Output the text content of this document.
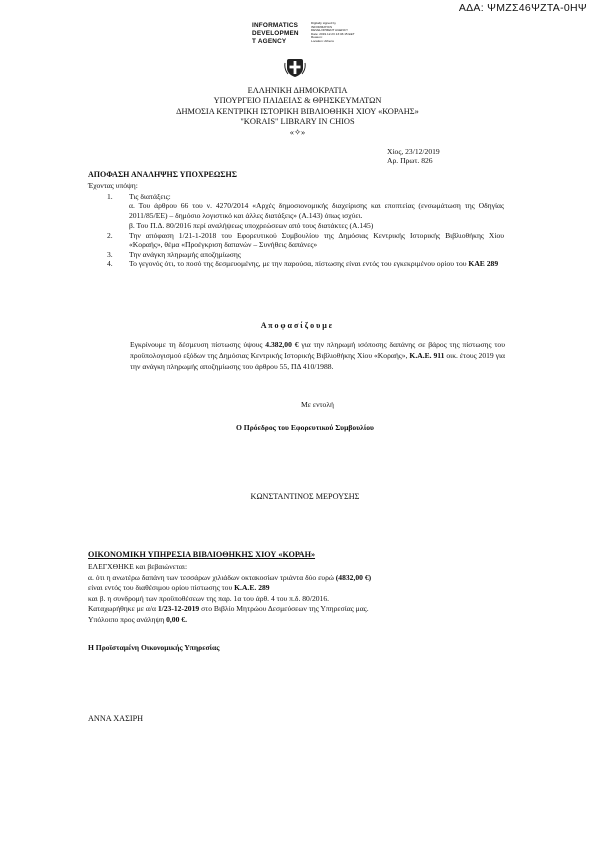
ΑΔΑ: ΨΜΖΣ46ΨΖΤΑ-0ΗΨ
INFORMATICS
DEVELOPMEN
T AGENCY
Digitally signed by
INFORMATICS
DEVELOPMENT AGENCY
Date: 2019.12.23 13:46:15 EET
Reason:
Location: Athens
ΕΛΛΗΝΙΚΗ ΔΗΜΟΚΡΑΤΙΑ
ΥΠΟΥΡΓΕΙΟ ΠΑΙΔΕΙΑΣ & ΘΡΗΣΚΕΥΜΑΤΩΝ
ΔΗΜΟΣΙΑ ΚΕΝΤΡΙΚΗ ΙΣΤΟΡΙΚΗ ΒΙΒΛΙΟΘΗΚΗ ΧΙΟΥ «ΚΟΡΑΗΣ»
"KORAIS" LIBRARY IN CHIOS
«✧»
Χίος, 23/12/2019
Αρ. Πρωτ. 826
ΑΠΟΦΑΣΗ ΑΝΑΛΗΨΗΣ ΥΠΟΧΡΕΩΣΗΣ
Έχοντας υπόψη:
1. Τις διατάξεις:
α. Του άρθρου 66 του ν. 4270/2014 «Αρχές δημοσιονομικής διαχείρισης και εποπτείας (ενσωμάτωση της Οδηγίας 2011/85/ΕΕ) – δημόσιο λογιστικό και άλλες διατάξεις» (Α.143) όπως ισχύει.
β. Του Π.Δ. 80/2016 περί αναλήψεως υποχρεώσεων από τους διατάκτες (Α.145)
2. Την απόφαση 1/21-1-2018 του Εφορευτικού Συμβουλίου της Δημόσιας Κεντρικής Ιστορικής Βιβλιοθήκης Χίου «Κοραής», θέμα «Προέγκριση δαπανών – Συνήθεις δαπάνες»
3. Την ανάγκη πληρωμής αποζημίωσης
4. Το γεγονός ότι, το ποσό της δεσμευομένης, με την παρούσα, πίστωσης είναι εντός του εγκεκριμένου ορίου του ΚΑΕ 289
Α π ο φ α σ ί ζ ο υ μ ε
Εγκρίνουμε τη δέσμευση πίστωσης ύψους 4.382,00 € για την πληρωμή ισόποσης δαπάνης σε βάρος της πίστωσης του προϋπολογισμού εξόδων της Δημόσιας Κεντρικής Ιστορικής Βιβλιοθήκης Χίου «Κοραής», Κ.Α.Ε. 911 οικ. έτους 2019 για την ανάγκη πληρωμής αποζημίωσης του άρθρου 55, ΠΔ 410/1988.
Με εντολή
Ο Πρόεδρος του Εφορευτικού Συμβουλίου
ΚΩΝΣΤΑΝΤΙΝΟΣ ΜΕΡΟΥΣΗΣ
ΟΙΚΟΝΟΜΙΚΗ ΥΠΗΡΕΣΙΑ ΒΙΒΛΙΟΘΗΚΗΣ ΧΙΟΥ «ΚΟΡΑΗ»
ΕΛΕΓΧΘΗΚΕ και βεβαιώνεται:
α. ότι η ανωτέρω δαπάνη των τεσσάρων χιλιάδων οκτακοσίων τριάντα δύο ευρώ (4832,00 €)
είναι εντός του διαθέσιμου ορίου πίστωσης του Κ.Α.Ε. 289
και β. η συνδρομή των προϋποθέσεων της παρ. 1α του άρθ. 4 του π.δ. 80/2016.
Καταχωρήθηκε με α/α 1/23-12-2019 στο Βιβλίο Μητρώου Δεσμεύσεων της Υπηρεσίας μας.
Υπόλοιπο προς ανάληψη 0,00 €.
Η Προϊσταμένη Οικονομικής Υπηρεσίας
ΑΝΝΑ ΧΑΣΙΡΗ
